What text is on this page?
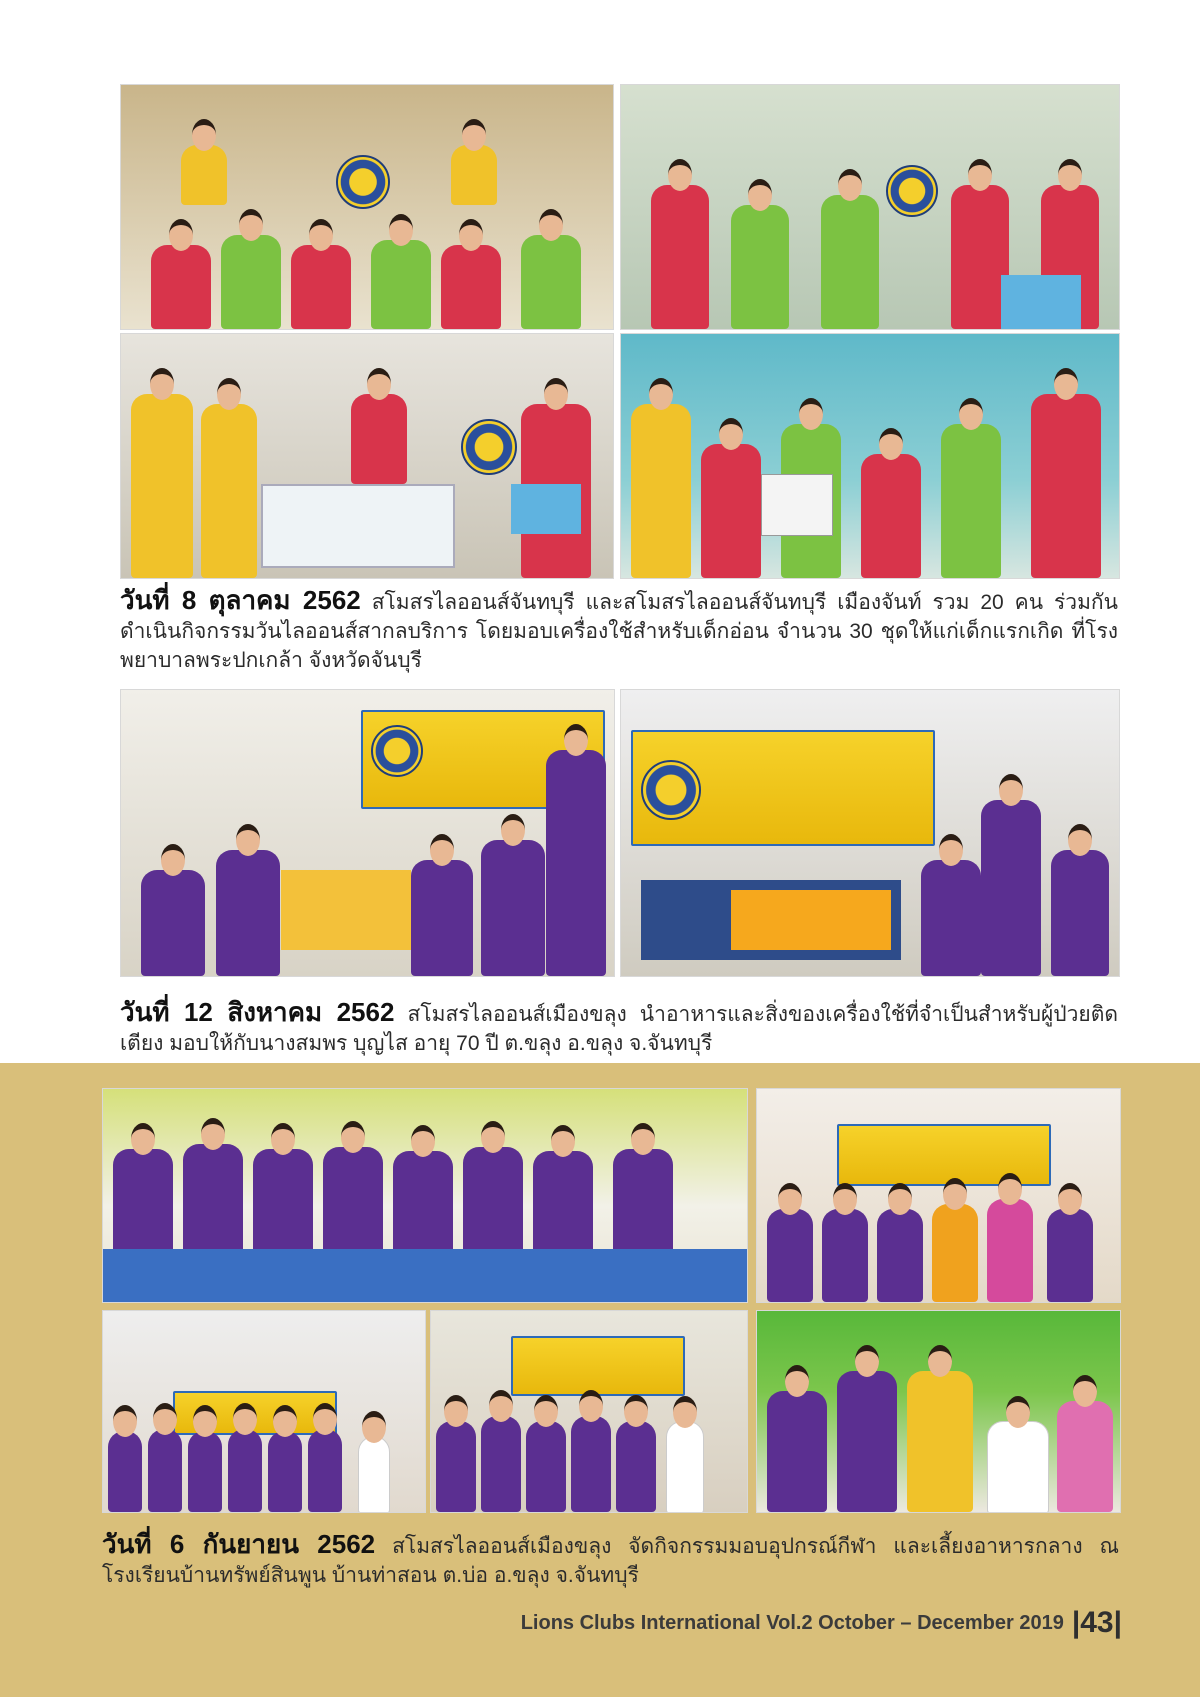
วันที่ 8 ตุลาคม 2562 สโมสรไลออนส์จันทบุรี และสโมสรไลออนส์จันทบุรี เมืองจันท์ รวม 20 คน ร่วมกันดำเนินกิจกรรมวันไลออนส์สากลบริการ โดยมอบเครื่องใช้สำหรับเด็กอ่อน จำนวน 30 ชุดให้แก่เด็กแรกเกิด ที่โรงพยาบาลพระปกเกล้า จังหวัดจันบุรี
วันที่ 12 สิงหาคม 2562 สโมสรไลออนส์เมืองขลุง นำอาหารและสิ่งของเครื่องใช้ที่จำเป็นสำหรับผู้ป่วยติดเตียง มอบให้กับนางสมพร บุญไส อายุ 70 ปี ต.ขลุง อ.ขลุง จ.จันทบุรี
วันที่ 6 กันยายน 2562 สโมสรไลออนส์เมืองขลุง จัดกิจกรรมมอบอุปกรณ์กีฬา และเลี้ยงอาหารกลาง ณ โรงเรียนบ้านทรัพย์สินพูน บ้านท่าสอน ต.บ่อ อ.ขลุง จ.จันทบุรี
Lions Clubs International Vol.2 October – December 2019 |43|
